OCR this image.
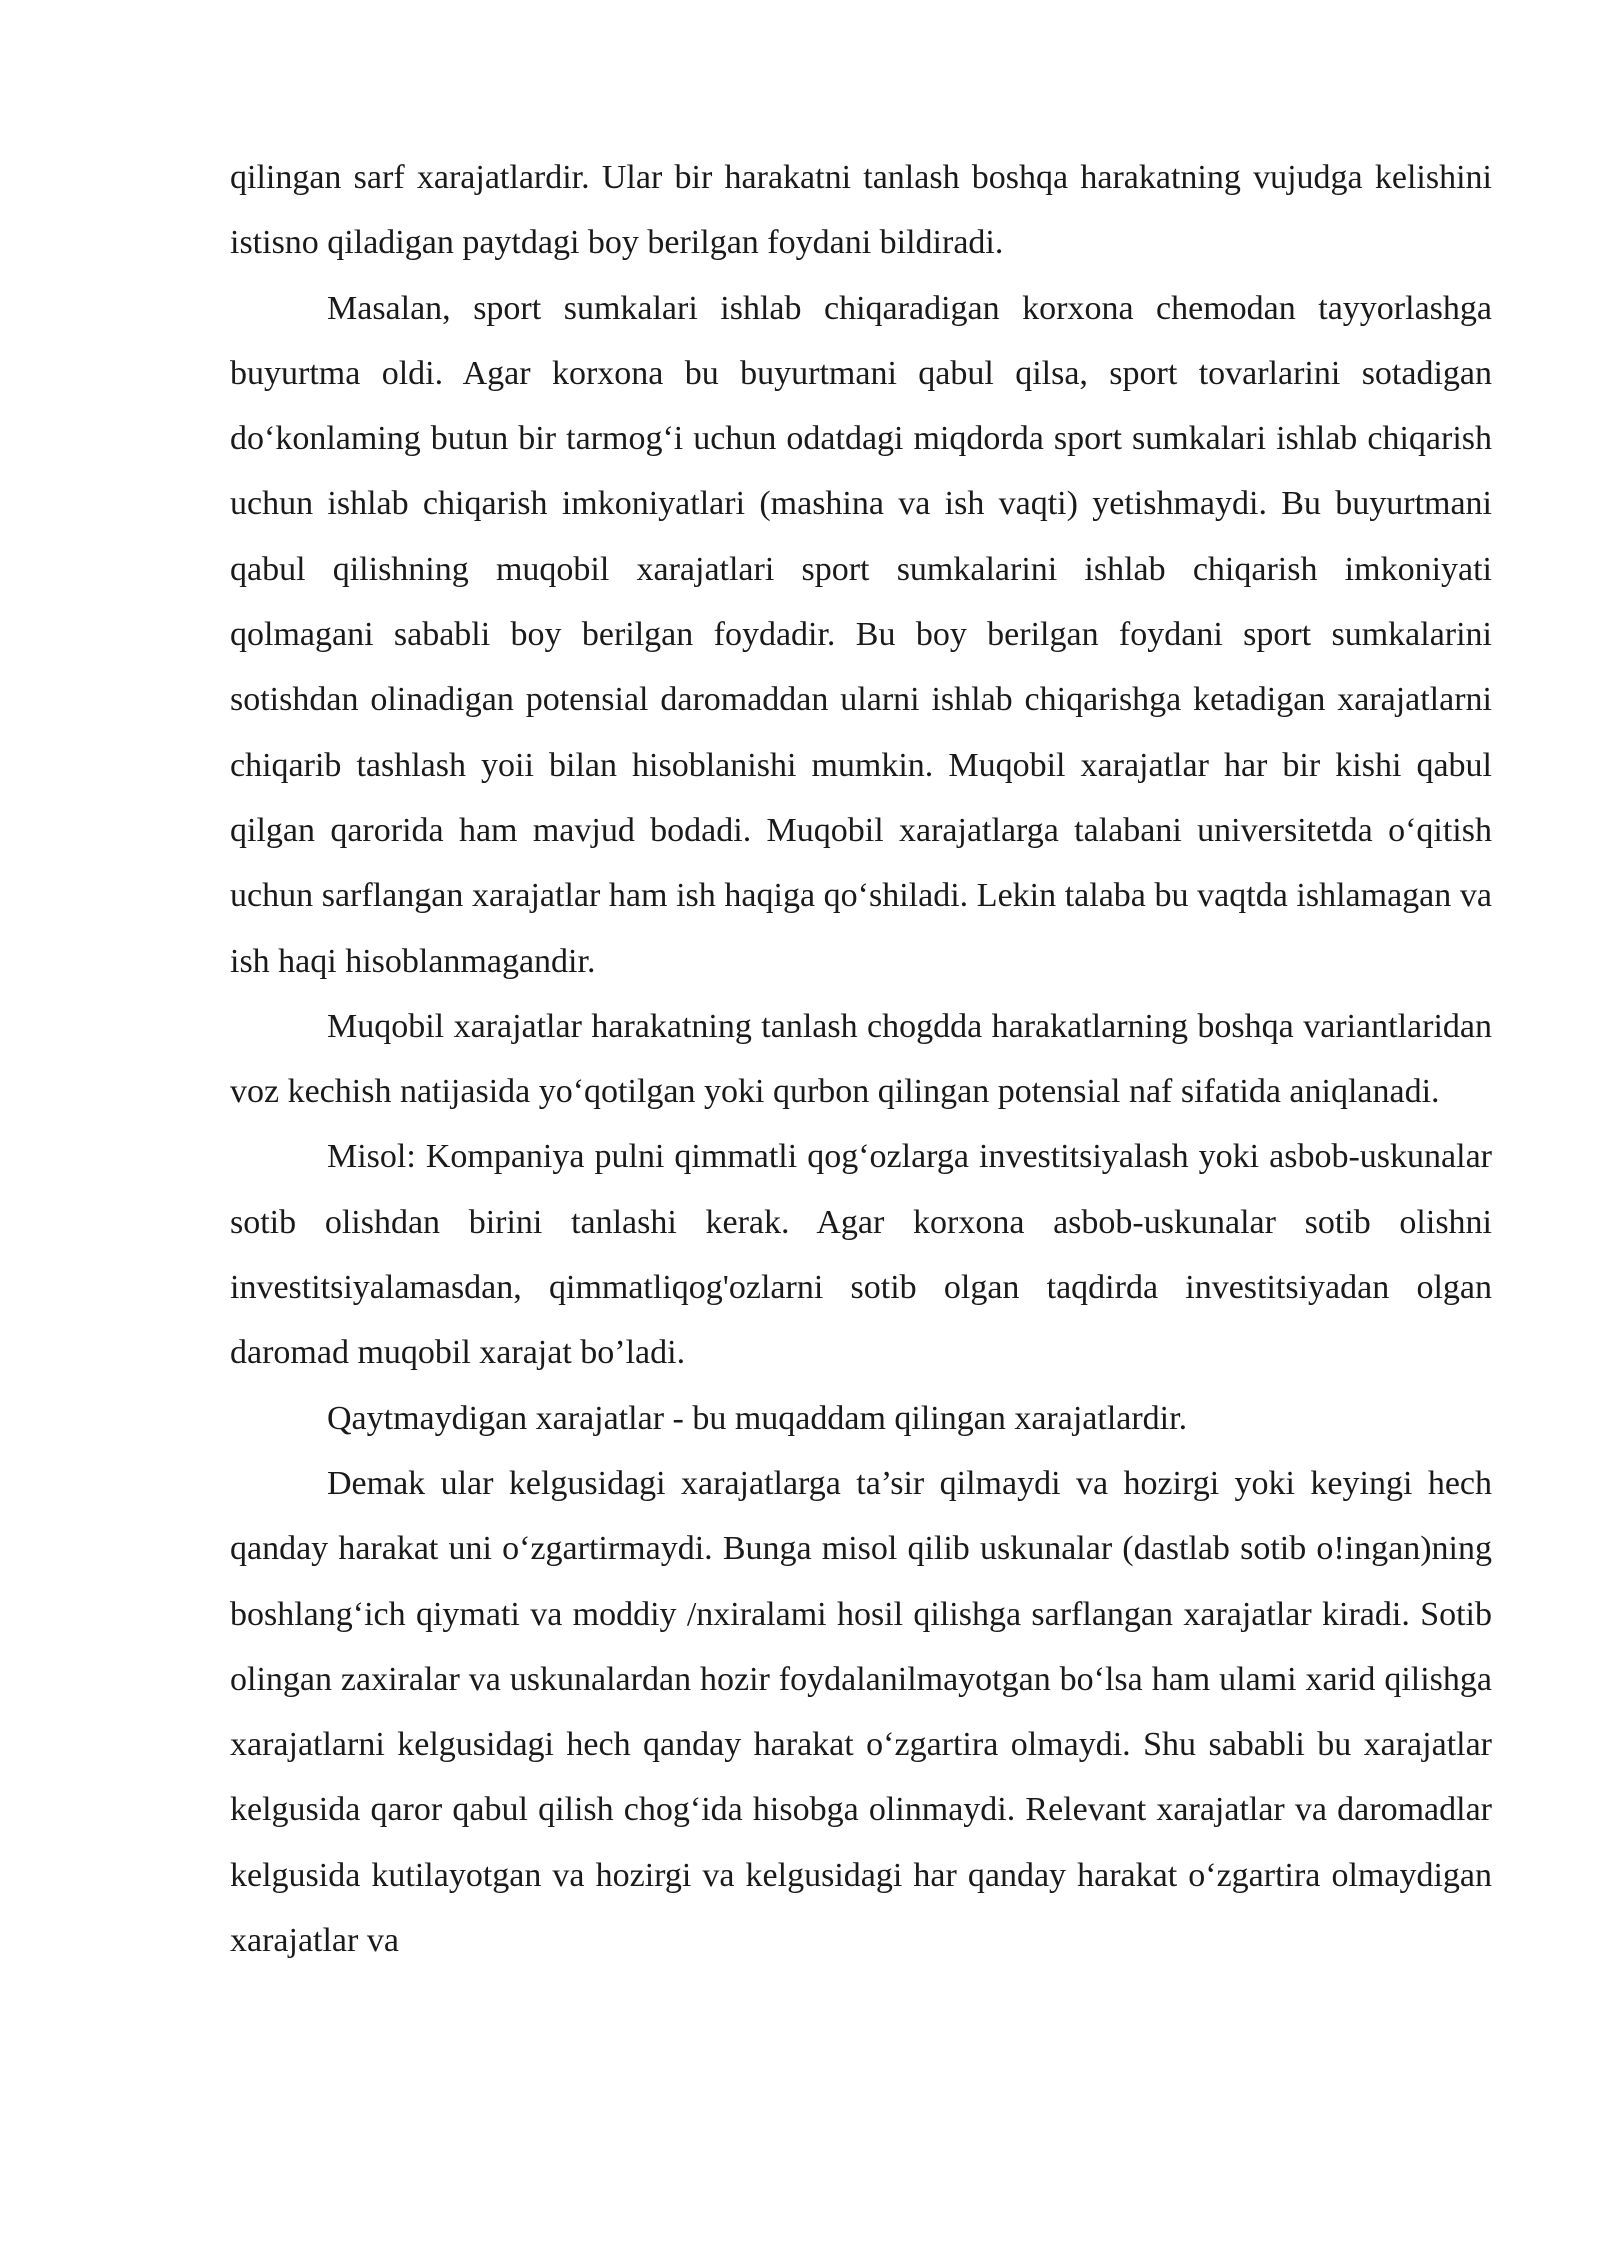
qilingan sarf xarajatlardir. Ular bir harakatni tanlash boshqa harakatning vujudga kelishini istisno qiladigan paytdagi boy berilgan foydani bildiradi.

Masalan, sport sumkalari ishlab chiqaradigan korxona chemodan tayyorlashga buyurtma oldi. Agar korxona bu buyurtmani qabul qilsa, sport tovarlarini sotadigan do‘konlaming butun bir tarmog‘i uchun odatdagi miqdorda sport sumkalari ishlab chiqarish uchun ishlab chiqarish imkoniyatlari (mashina va ish vaqti) yetishmaydi. Bu buyurtmani qabul qilishning muqobil xarajatlari sport sumkalarini ishlab chiqarish imkoniyati qolmagani sababli boy berilgan foydadir. Bu boy berilgan foydani sport sumkalarini sotishdan olinadigan potensial daromaddan ularni ishlab chiqarishga ketadigan xarajatlarni chiqarib tashlash yoii bilan hisoblanishi mumkin. Muqobil xarajatlar har bir kishi qabul qilgan qarorida ham mavjud bodadi. Muqobil xarajatlarga talabani universitetda o‘qitish uchun sarflangan xarajatlar ham ish haqiga qo‘shiladi. Lekin talaba bu vaqtda ishlamagan va ish haqi hisoblanmagandir.

Muqobil xarajatlar harakatning tanlash chogdda harakatlarning boshqa variantlaridan voz kechish natijasida yo‘qotilgan yoki qurbon qilingan potensial naf sifatida aniqlanadi.

Misol: Kompaniya pulni qimmatli qog‘ozlarga investitsiyalash yoki asbob-uskunalar sotib olishdan birini tanlashi kerak. Agar korxona asbob-uskunalar sotib olishni investitsiyalamasdan, qimmatliqog'ozlarni sotib olgan taqdirda investitsiyadan olgan daromad muqobil xarajat bo’ladi.

Qaytmaydigan xarajatlar - bu muqaddam qilingan xarajatlardir.

Demak ular kelgusidagi xarajatlarga ta’sir qilmaydi va hozirgi yoki keyingi hech qanday harakat uni o‘zgartirmaydi. Bunga misol qilib uskunalar (dastlab sotib o!ingan)ning boshlang‘ich qiymati va moddiy /nxiralami hosil qilishga sarflangan xarajatlar kiradi. Sotib olingan zaxiralar va uskunalardan hozir foydalanilmayotgan bo‘lsa ham ulami xarid qilishga xarajatlarni kelgusidagi hech qanday harakat o‘zgartira olmaydi. Shu sababli bu xarajatlar kelgusida qaror qabul qilish chog‘ida hisobga olinmaydi. Relevant xarajatlar va daromadlar kelgusida kutilayotgan va hozirgi va kelgusidagi har qanday harakat o‘zgartira olmaydigan xarajatlar va
